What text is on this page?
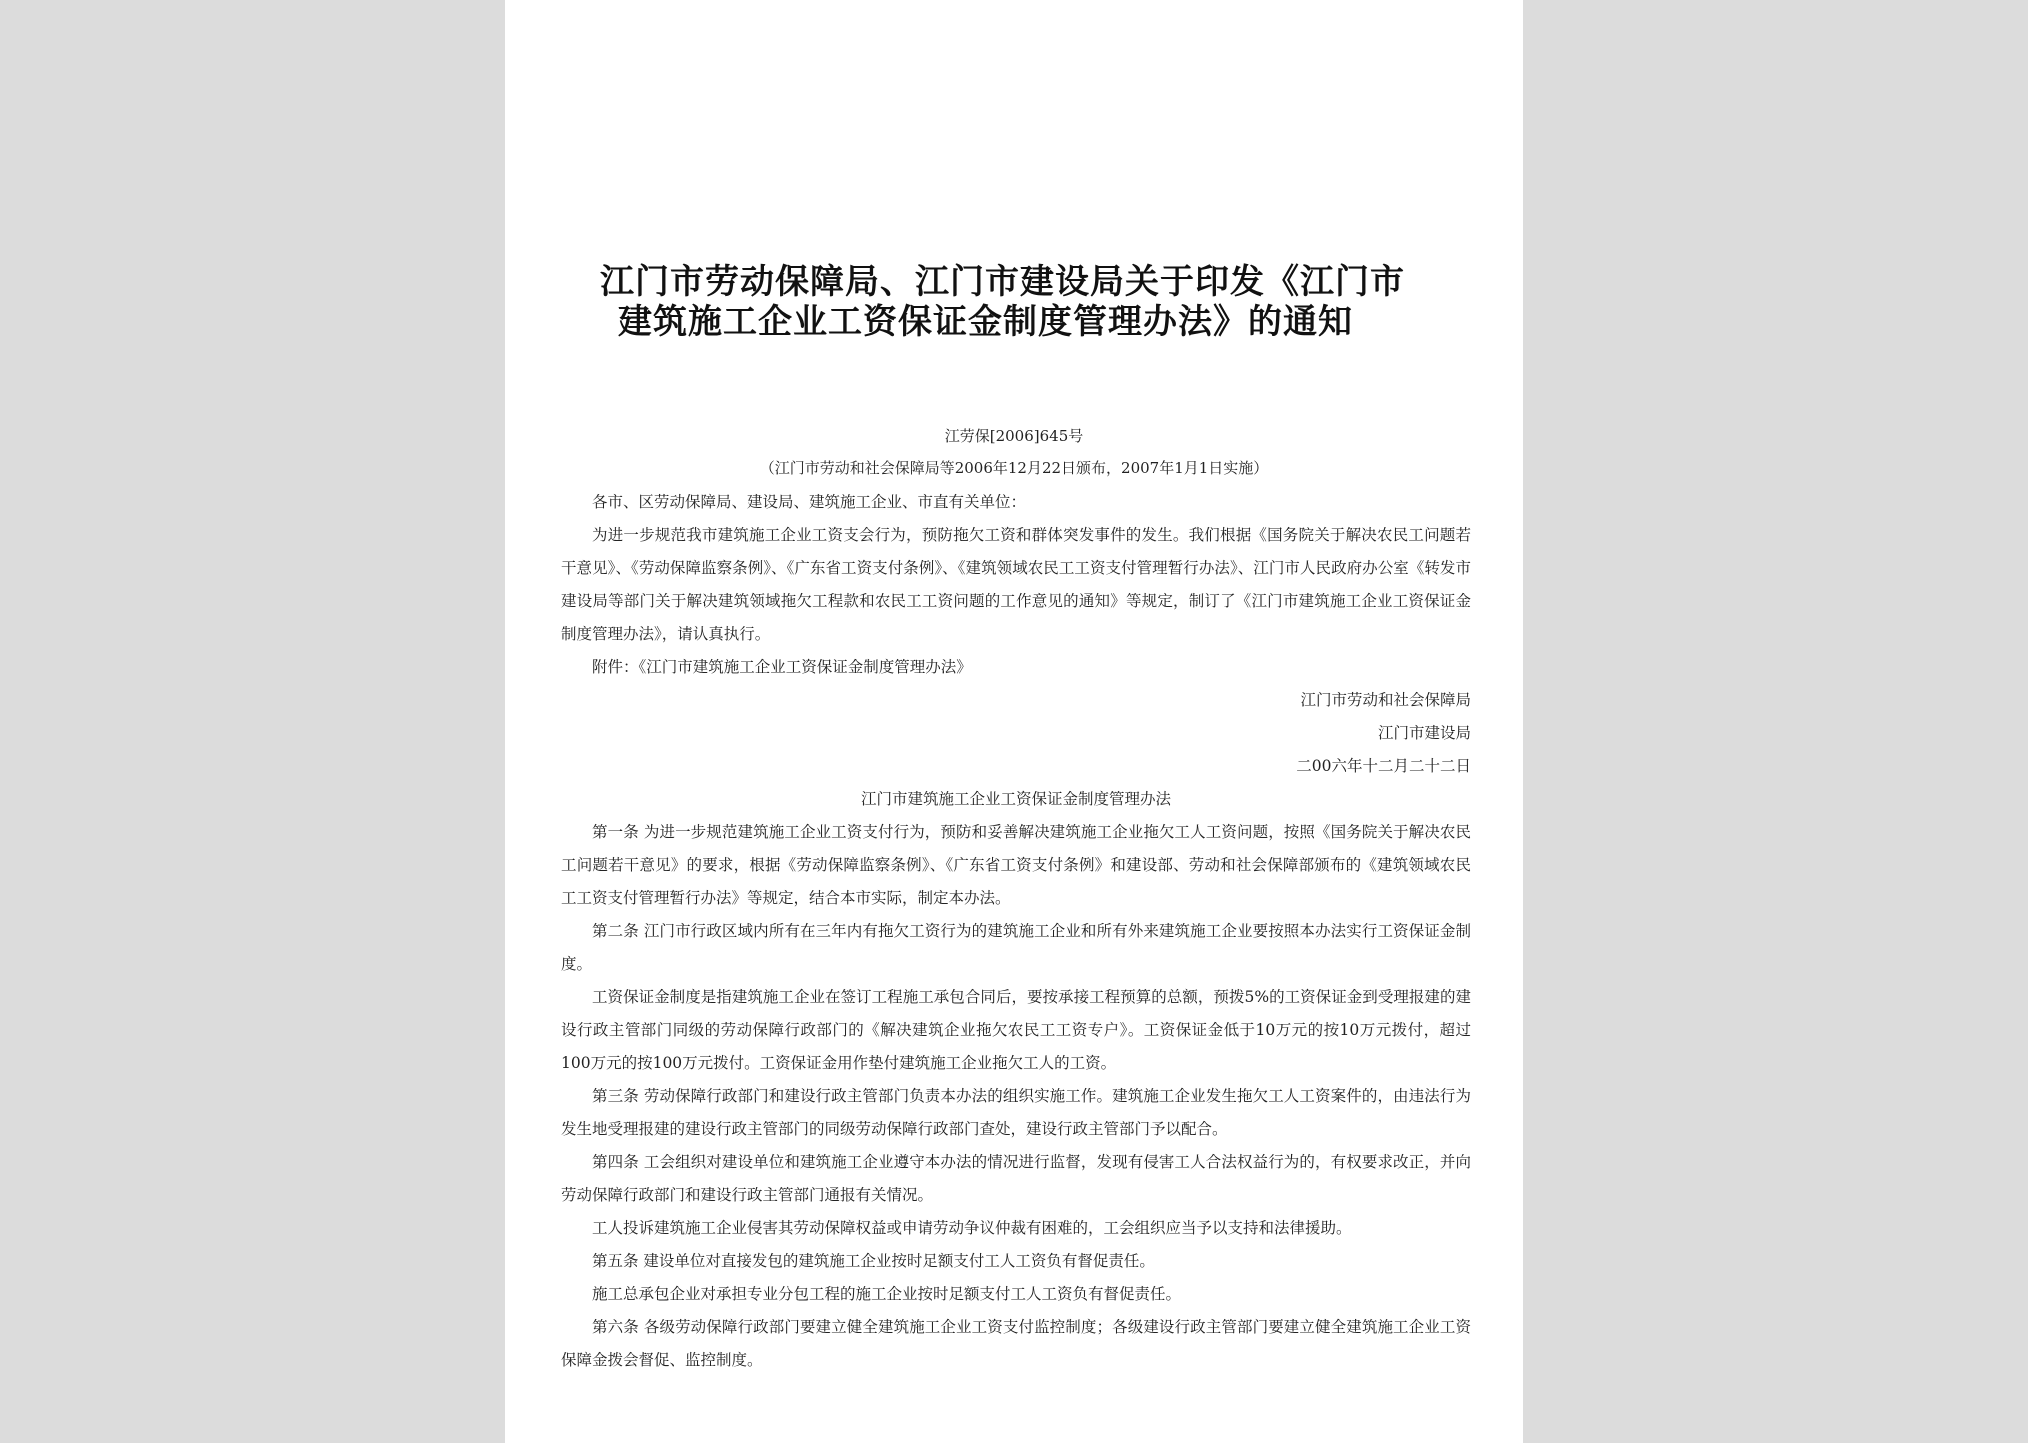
江门市劳动保障局、江门市建设局关于印发《江门市
建筑施工企业工资保证金制度管理办法》的通知
江劳保[2006]645号
（江门市劳动和社会保障局等2006年12月22日颁布，2007年1月1日实施）

各市、区劳动保障局、建设局、建筑施工企业、市直有关单位：

为进一步规范我市建筑施工企业工资支会行为，预防拖欠工资和群体突发事件的发生。我们根据《国务院关于解决农民工问题若干意见》、《劳动保障监察条例》、《广东省工资支付条例》、《建筑领域农民工工资支付管理暂行办法》、江门市人民政府办公室《转发市建设局等部门关于解决建筑领域拖欠工程款和农民工工资问题的工作意见的通知》等规定，制订了《江门市建筑施工企业工资保证金制度管理办法》，请认真执行。

附件：《江门市建筑施工企业工资保证金制度管理办法》

江门市劳动和社会保障局

江门市建设局

二00六年十二月二十二日

江门市建筑施工企业工资保证金制度管理办法

第一条 为进一步规范建筑施工企业工资支付行为，预防和妥善解决建筑施工企业拖欠工人工资问题，按照《国务院关于解决农民工问题若干意见》的要求，根据《劳动保障监察条例》、《广东省工资支付条例》和建设部、劳动和社会保障部颁布的《建筑领域农民工工资支付管理暂行办法》等规定，结合本市实际，制定本办法。

第二条 江门市行政区域内所有在三年内有拖欠工资行为的建筑施工企业和所有外来建筑施工企业要按照本办法实行工资保证金制度。

工资保证金制度是指建筑施工企业在签订工程施工承包合同后，要按承接工程预算的总额，预拨5%的工资保证金到受理报建的建设行政主管部门同级的劳动保障行政部门的《解决建筑企业拖欠农民工工资专户》。工资保证金低于10万元的按10万元拨付，超过100万元的按100万元拨付。工资保证金用作垫付建筑施工企业拖欠工人的工资。

第三条 劳动保障行政部门和建设行政主管部门负责本办法的组织实施工作。建筑施工企业发生拖欠工人工资案件的，由违法行为发生地受理报建的建设行政主管部门的同级劳动保障行政部门查处，建设行政主管部门予以配合。

第四条 工会组织对建设单位和建筑施工企业遵守本办法的情况进行监督，发现有侵害工人合法权益行为的，有权要求改正，并向劳动保障行政部门和建设行政主管部门通报有关情况。

工人投诉建筑施工企业侵害其劳动保障权益或申请劳动争议仲裁有困难的，工会组织应当予以支持和法律援助。

第五条 建设单位对直接发包的建筑施工企业按时足额支付工人工资负有督促责任。

施工总承包企业对承担专业分包工程的施工企业按时足额支付工人工资负有督促责任。

第六条 各级劳动保障行政部门要建立健全建筑施工企业工资支付监控制度；各级建设行政主管部门要建立健全建筑施工企业工资保障金拨会督促、监控制度。
